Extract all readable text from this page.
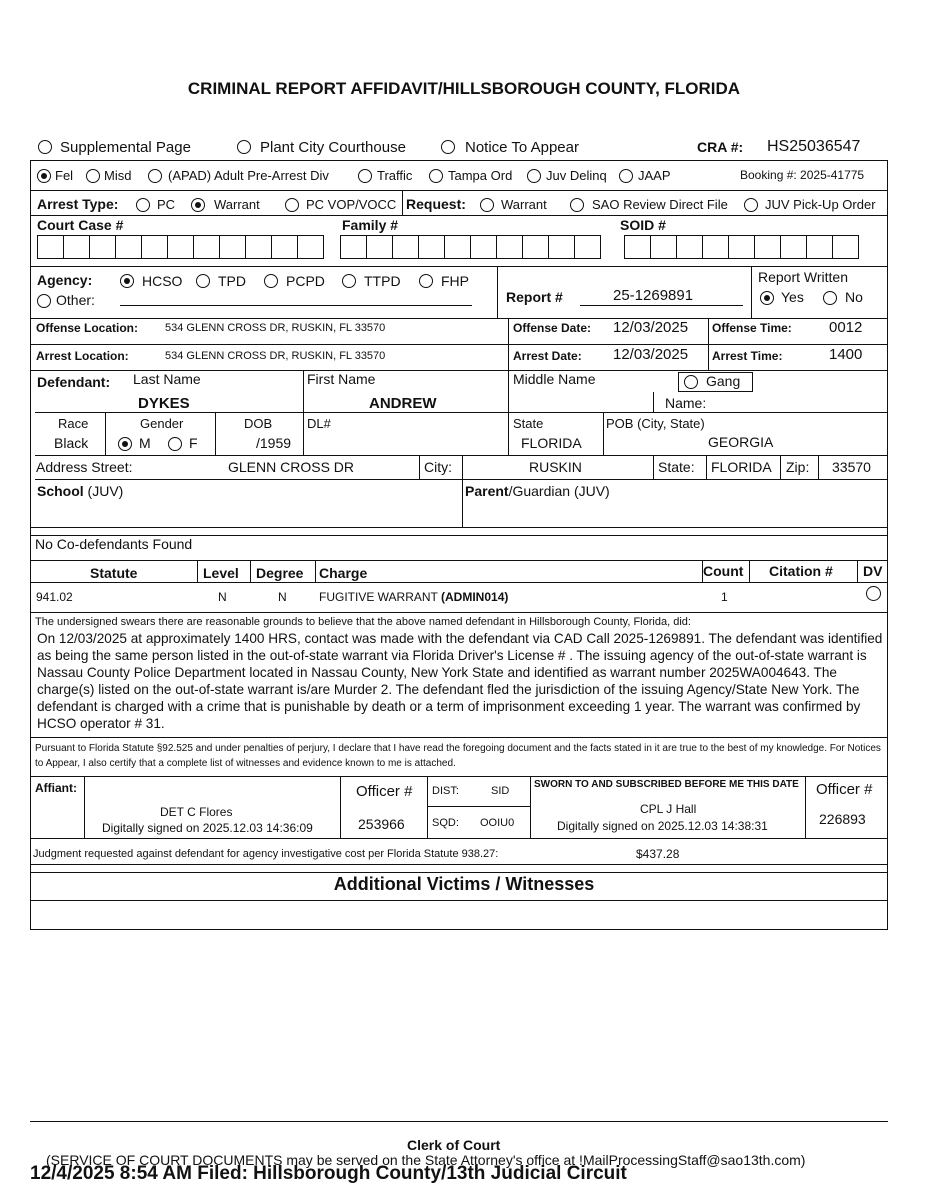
CRIMINAL REPORT AFFIDAVIT/HILLSBOROUGH COUNTY, FLORIDA
Supplemental Page	Plant City Courthouse	Notice To Appear	CRA #: HS25036547
Fel Misd	(APAD) Adult Pre-Arrest Div	Traffic	Tampa Ord	Juv Delinq JAAP	Booking #: 2025-41775
Arrest Type:	PC	Warrant	PC VOP/VOCC Request:	Warrant	SAO Review Direct File	JUV Pick-Up Order
Court Case #	Family #	SOID #
Agency:	HCSO	TPD	PCPD	TTPD	FHP
Other:	Report #	25-1269891
Report Written
Yes	No
Offense Location: 534 GLENN CROSS DR, RUSKIN, FL 33570	Offense Date: 12/03/2025 Offense Time: 0012
Arrest Location:	534 GLENN CROSS DR, RUSKIN, FL 33570	Arrest Date: 12/03/2025 Arrest Time:	1400
Defendant: Last Name
DYKES
First Name
ANDREW
Middle Name	Gang
Name:
Race
Black
Gender
M	F
DOB
/1959
DL#	State
FLORIDA
POB (City, State)
GEORGIA
Address Street:	GLENN CROSS DR	City:	RUSKIN	State: FLORIDA Zip: 33570
School (JUV)	Parent/Guardian (JUV)
No Co-defendants Found
Statute	Level Degree Charge	Count Citation # DV
941.02	N	N	FUGITIVE WARRANT (ADMIN014)	1
The undersigned swears there are reasonable grounds to believe that the above named defendant in Hillsborough County, Florida, did:
On 12/03/2025 at approximately 1400 HRS, contact was made with the defendant via CAD Call 2025-1269891. The defendant was identified as being the same person listed in the out-of-state warrant via Florida Driver's License # . The issuing agency of the out-of-state warrant is Nassau County Police Department located in Nassau County, New York State and identified as warrant number 2025WA004643. The charge(s) listed on the out-of-state warrant is/are Murder 2. The defendant fled the jurisdiction of the issuing Agency/State New York. The defendant is charged with a crime that is punishable by death or a term of imprisonment exceeding 1 year. The warrant was confirmed by HCSO operator # 31.
Pursuant to Florida Statute §92.525 and under penalties of perjury, I declare that I have read the foregoing document and the facts stated in it are true to the best of my knowledge. For Notices to Appear, I also certify that a complete list of witnesses and evidence known to me is attached.
Affiant:
DET C Flores
Digitally signed on 2025.12.03 14:36:09
Officer #
253966
DIST:	SID
SQD: OOIU0
SWORN TO AND SUBSCRIBED BEFORE ME THIS DATE
CPL J Hall
Digitally signed on 2025.12.03 14:38:31
Officer #
226893
Judgment requested against defendant for agency investigative cost per Florida Statute 938.27:	$437.28
Additional Victims / Witnesses
Clerk of Court
(SERVICE OF COURT DOCUMENTS may be served on the State Attorney's office at !MailProcessingStaff@sao13th.com)
12/4/2025 8:54 AM Filed: Hillsborough County/13th Judicial Circuit
